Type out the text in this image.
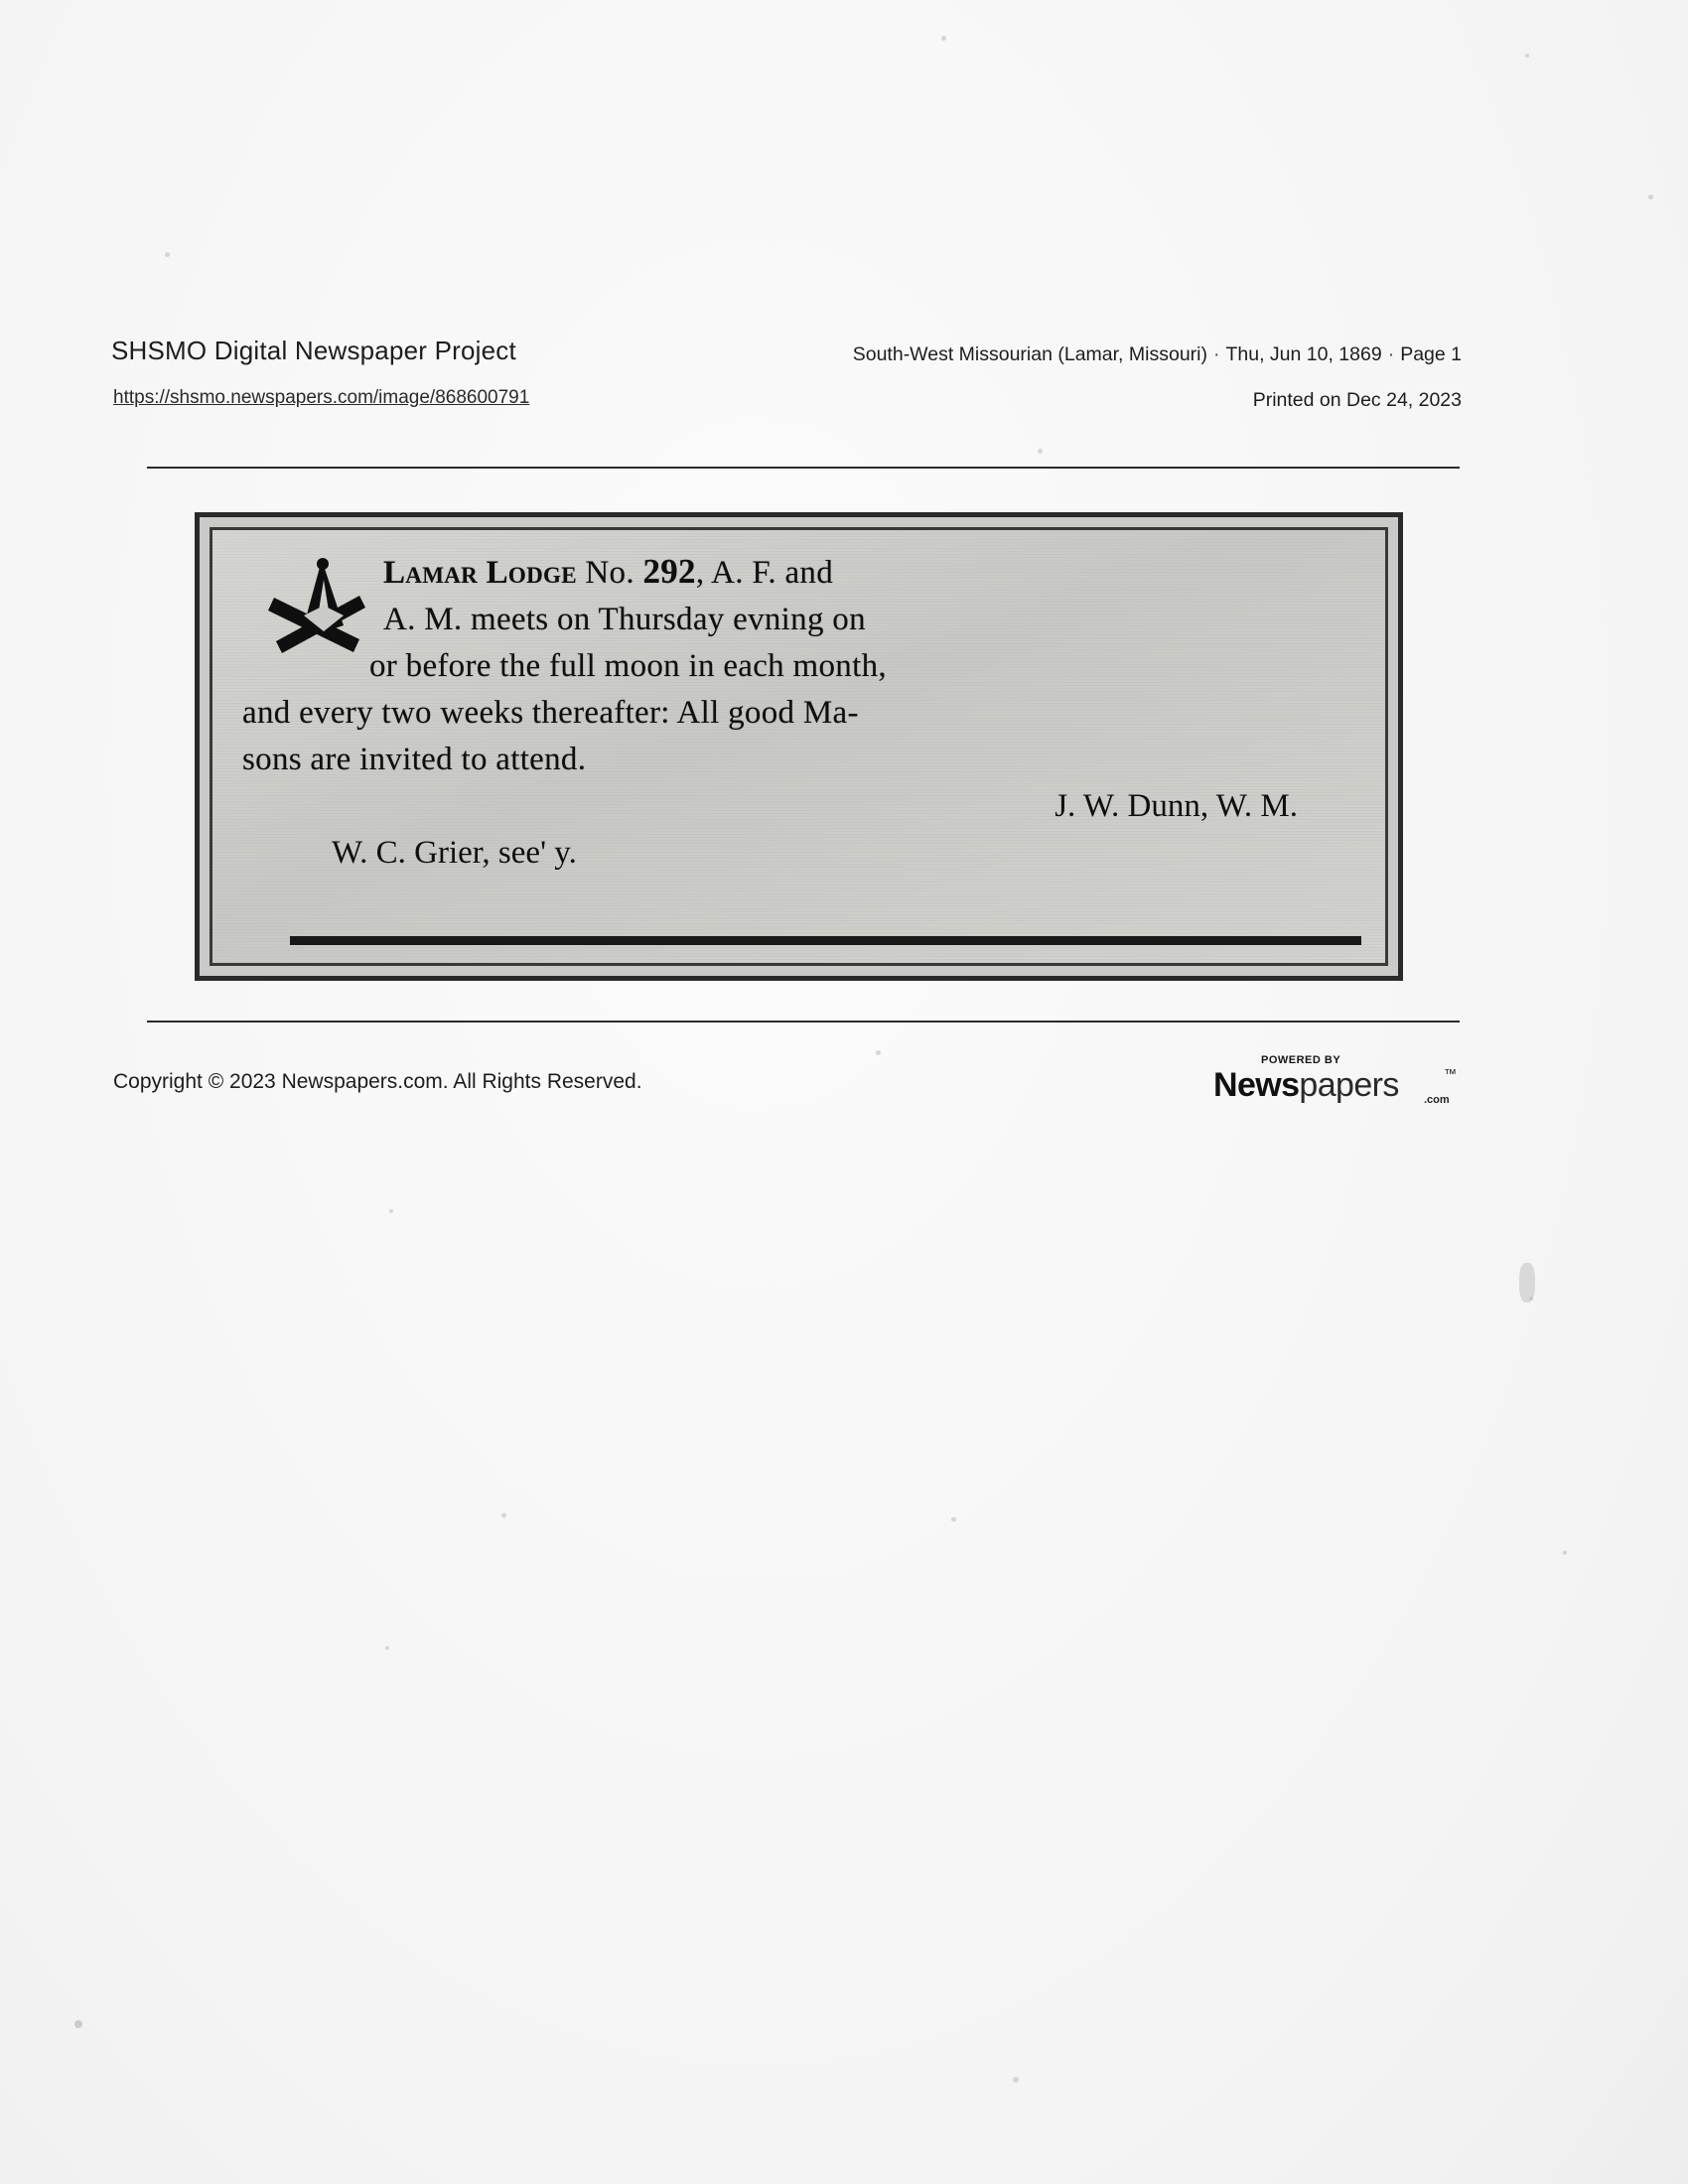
SHSMO Digital Newspaper Project
https://shsmo.newspapers.com/image/868600791
South-West Missourian (Lamar, Missouri) · Thu, Jun 10, 1869 · Page 1
Printed on Dec 24, 2023
Lamar Lodge No. 292, A. F. and
A. M. meets on Thursday evning on
or before the full moon in each month,
and every two weeks thereafter: All good Ma-
sons are invited to attend.
J. W. Dunn, W. M.
W. C. Grier, see' y.
Copyright © 2023 Newspapers.com. All Rights Reserved.
POWERED BY
Newspapers	™
.com
